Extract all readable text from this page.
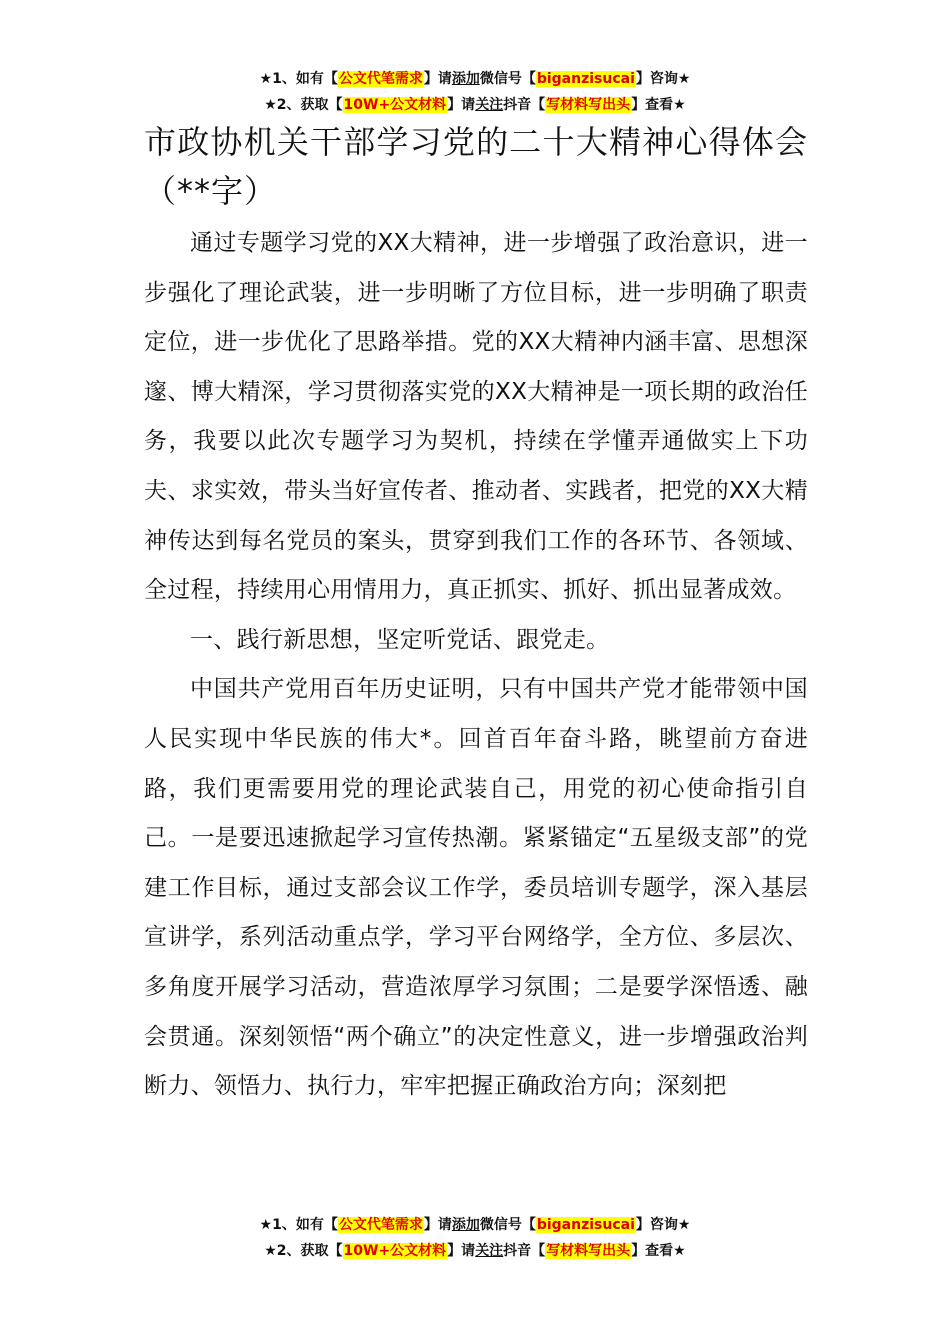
★1、如有【公文代笔需求】请添加微信号【biganzisucai】咨询★
★2、获取【10W+公文材料】请关注抖音【写材料写出头】查看★
市政协机关干部学习党的二十大精神心得体会（**字）

通过专题学习党的XX大精神，进一步增强了政治意识，进一步强化了理论武装，进一步明晰了方位目标，进一步明确了职责定位，进一步优化了思路举措。党的XX大精神内涵丰富、思想深邃、博大精深，学习贯彻落实党的XX大精神是一项长期的政治任务，我要以此次专题学习为契机，持续在学懂弄通做实上下功夫、求实效，带头当好宣传者、推动者、实践者，把党的XX大精神传达到每名党员的案头，贯穿到我们工作的各环节、各领域、全过程，持续用心用情用力，真正抓实、抓好、抓出显著成效。

一、践行新思想，坚定听党话、跟党走。

中国共产党用百年历史证明，只有中国共产党才能带领中国人民实现中华民族的伟大*。回首百年奋斗路，眺望前方奋进路，我们更需要用党的理论武装自己，用党的初心使命指引自己。一是要迅速掀起学习宣传热潮。紧紧锚定“五星级支部”的党建工作目标，通过支部会议工作学，委员培训专题学，深入基层宣讲学，系列活动重点学，学习平台网络学，全方位、多层次、多角度开展学习活动，营造浓厚学习氛围；二是要学深悟透、融会贯通。深刻领悟“两个确立”的决定性意义，进一步增强政治判断力、领悟力、执行力，牢牢把握正确政治方向；深刻把

★1、如有【公文代笔需求】请添加微信号【biganzisucai】咨询★
★2、获取【10W+公文材料】请关注抖音【写材料写出头】查看★
